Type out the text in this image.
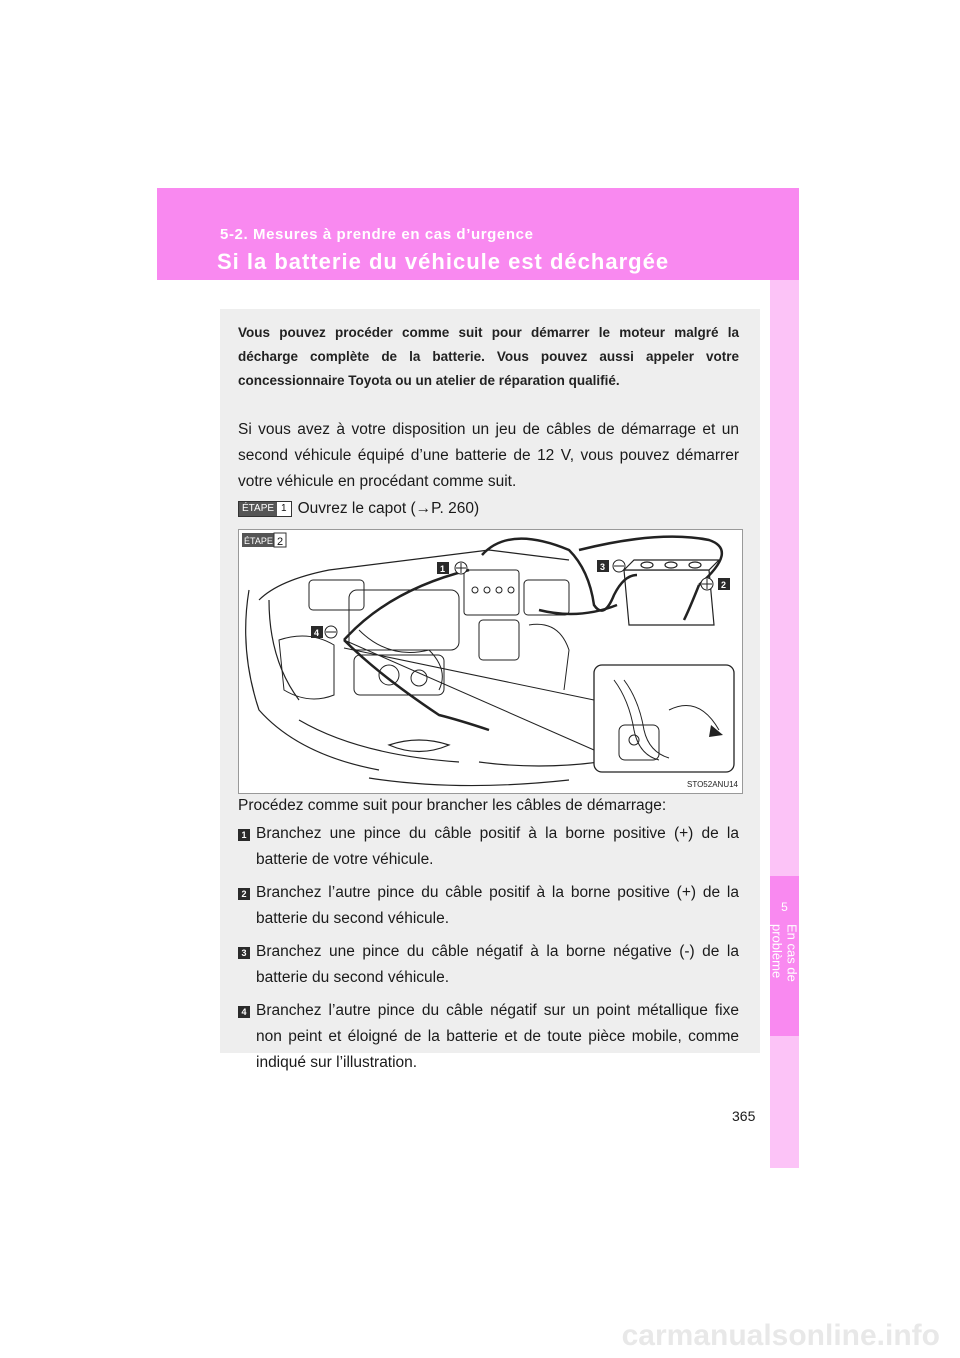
5-2. Mesures à prendre en cas d’urgence
Si la batterie du véhicule est déchargée
5
En cas de problème

Vous pouvez procéder comme suit pour démarrer le moteur malgré la décharge complète de la batterie. Vous pouvez aussi appeler votre concessionnaire Toyota ou un atelier de réparation qualifié.

Si vous avez à votre disposition un jeu de câbles de démarrage et un second véhicule équipé d’une batterie de 12 V, vous pouvez démarrer votre véhicule en procédant comme suit.

ÉTAPE 1 Ouvrez le capot (→P. 260)
ÉTAPE 2
1
2
3
4
STO52ANU14

Procédez comme suit pour brancher les câbles de démarrage:

1 Branchez une pince du câble positif à la borne positive (+) de la batterie de votre véhicule.
2 Branchez l’autre pince du câble positif à la borne positive (+) de la batterie du second véhicule.
3 Branchez une pince du câble négatif à la borne négative (-) de la batterie du second véhicule.
4 Branchez l’autre pince du câble négatif sur un point métallique fixe non peint et éloigné de la batterie et de toute pièce mobile, comme indiqué sur l’illustration.
365
carmanualsonline.info
